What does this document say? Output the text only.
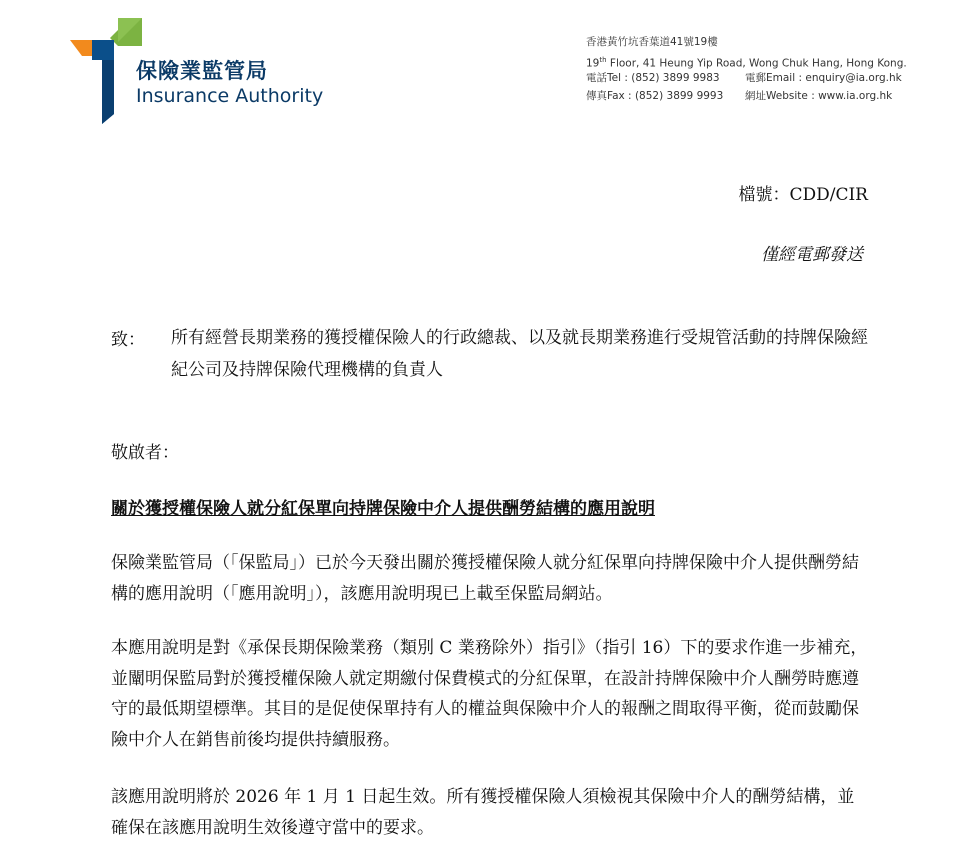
保險業監管局
Insurance Authority
香港黃竹坑香葉道41號19樓
19th Floor, 41 Heung Yip Road, Wong Chuk Hang, Hong Kong.
電話Tel : (852) 3899 9983 電郵Email : enquiry@ia.org.hk
傳真Fax : (852) 3899 9993 網址Website : www.ia.org.hk
檔號：CDD/CIR
僅經電郵發送
致： 所有經營長期業務的獲授權保險人的行政總裁、以及就長期業務進行受規管活動的持牌保險經紀公司及持牌保險代理機構的負責人
敬啟者：
關於獲授權保險人就分紅保單向持牌保險中介人提供酬勞結構的應用說明

保險業監管局（「保監局」）已於今天發出關於獲授權保險人就分紅保單向持牌保險中介人提供酬勞結構的應用說明（「應用說明」），該應用說明現已上載至保監局網站。

本應用說明是對《承保長期保險業務（類別 C 業務除外）指引》（指引 16）下的要求作進一步補充，並闡明保監局對於獲授權保險人就定期繳付保費模式的分紅保單，在設計持牌保險中介人酬勞時應遵守的最低期望標準。其目的是促使保單持有人的權益與保險中介人的報酬之間取得平衡，從而鼓勵保險中介人在銷售前後均提供持續服務。

該應用說明將於 2026 年 1 月 1 日起生效。所有獲授權保險人須檢視其保險中介人的酬勞結構，並確保在該應用說明生效後遵守當中的要求。
